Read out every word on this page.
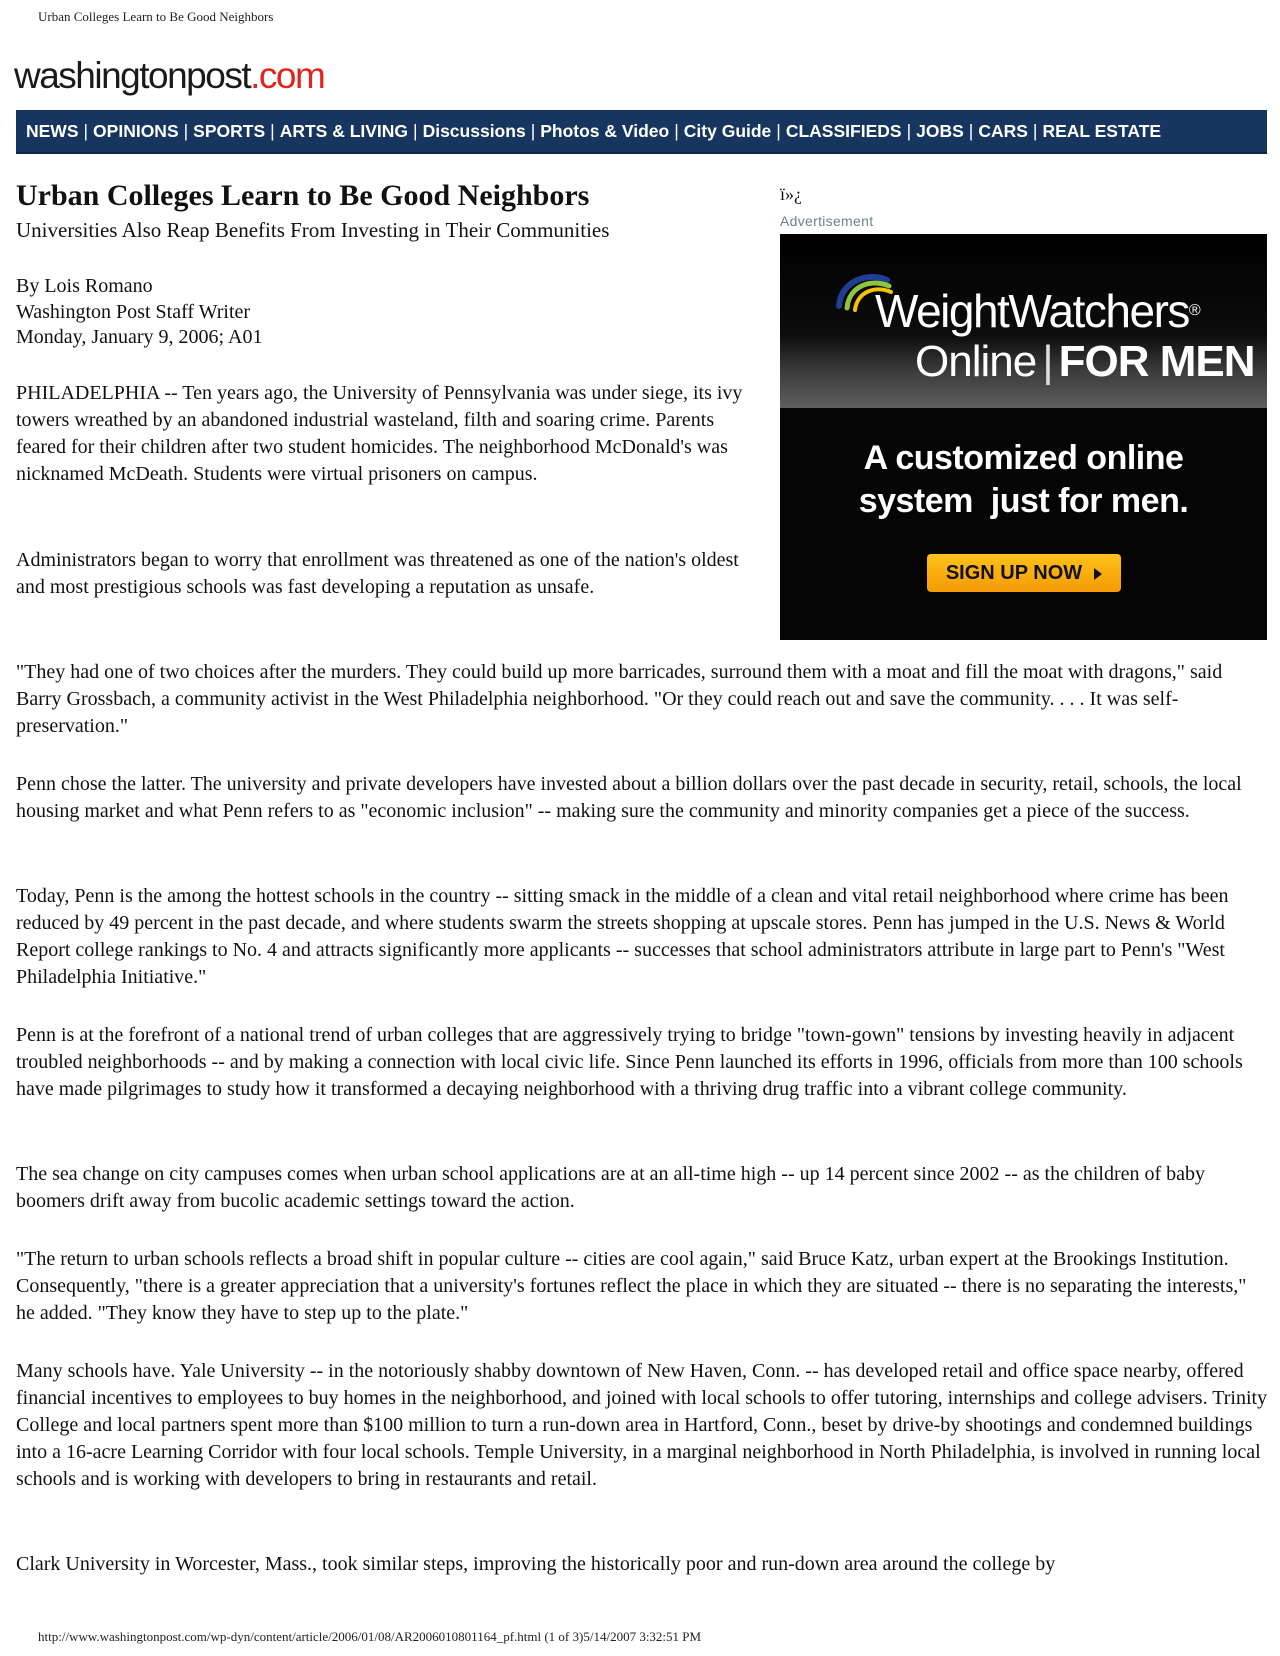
Urban Colleges Learn to Be Good Neighbors
washingtonpost.com
NEWS | OPINIONS | SPORTS | ARTS & LIVING | Discussions | Photos & Video | City Guide | CLASSIFIEDS | JOBS | CARS | REAL ESTATE
Urban Colleges Learn to Be Good Neighbors
Universities Also Reap Benefits From Investing in Their Communities
By Lois Romano
Washington Post Staff Writer
Monday, January 9, 2006; A01
ï»¿
Advertisement
WeightWatchers®
Online | FOR MEN
A customized online
system  just for men.
SIGN UP NOW

PHILADELPHIA -- Ten years ago, the University of Pennsylvania was under siege, its ivy towers wreathed by an abandoned industrial wasteland, filth and soaring crime. Parents feared for their children after two student homicides. The neighborhood McDonald's was nicknamed McDeath. Students were virtual prisoners on campus.

Administrators began to worry that enrollment was threatened as one of the nation's oldest and most prestigious schools was fast developing a reputation as unsafe.

"They had one of two choices after the murders. They could build up more barricades, surround them with a moat and fill the moat with dragons," said Barry Grossbach, a community activist in the West Philadelphia neighborhood. "Or they could reach out and save the community. . . . It was self-preservation."

Penn chose the latter. The university and private developers have invested about a billion dollars over the past decade in security, retail, schools, the local housing market and what Penn refers to as "economic inclusion" -- making sure the community and minority companies get a piece of the success.

Today, Penn is the among the hottest schools in the country -- sitting smack in the middle of a clean and vital retail neighborhood where crime has been reduced by 49 percent in the past decade, and where students swarm the streets shopping at upscale stores. Penn has jumped in the U.S. News & World Report college rankings to No. 4 and attracts significantly more applicants -- successes that school administrators attribute in large part to Penn's "West Philadelphia Initiative."

Penn is at the forefront of a national trend of urban colleges that are aggressively trying to bridge "town-gown" tensions by investing heavily in adjacent troubled neighborhoods -- and by making a connection with local civic life. Since Penn launched its efforts in 1996, officials from more than 100 schools have made pilgrimages to study how it transformed a decaying neighborhood with a thriving drug traffic into a vibrant college community.

The sea change on city campuses comes when urban school applications are at an all-time high -- up 14 percent since 2002 -- as the children of baby boomers drift away from bucolic academic settings toward the action.

"The return to urban schools reflects a broad shift in popular culture -- cities are cool again," said Bruce Katz, urban expert at the Brookings Institution. Consequently, "there is a greater appreciation that a university's fortunes reflect the place in which they are situated -- there is no separating the interests," he added. "They know they have to step up to the plate."

Many schools have. Yale University -- in the notoriously shabby downtown of New Haven, Conn. -- has developed retail and office space nearby, offered financial incentives to employees to buy homes in the neighborhood, and joined with local schools to offer tutoring, internships and college advisers. Trinity College and local partners spent more than $100 million to turn a run-down area in Hartford, Conn., beset by drive-by shootings and condemned buildings into a 16-acre Learning Corridor with four local schools. Temple University, in a marginal neighborhood in North Philadelphia, is involved in running local schools and is working with developers to bring in restaurants and retail.

Clark University in Worcester, Mass., took similar steps, improving the historically poor and run-down area around the college by

http://www.washingtonpost.com/wp-dyn/content/article/2006/01/08/AR2006010801164_pf.html (1 of 3)5/14/2007 3:32:51 PM
